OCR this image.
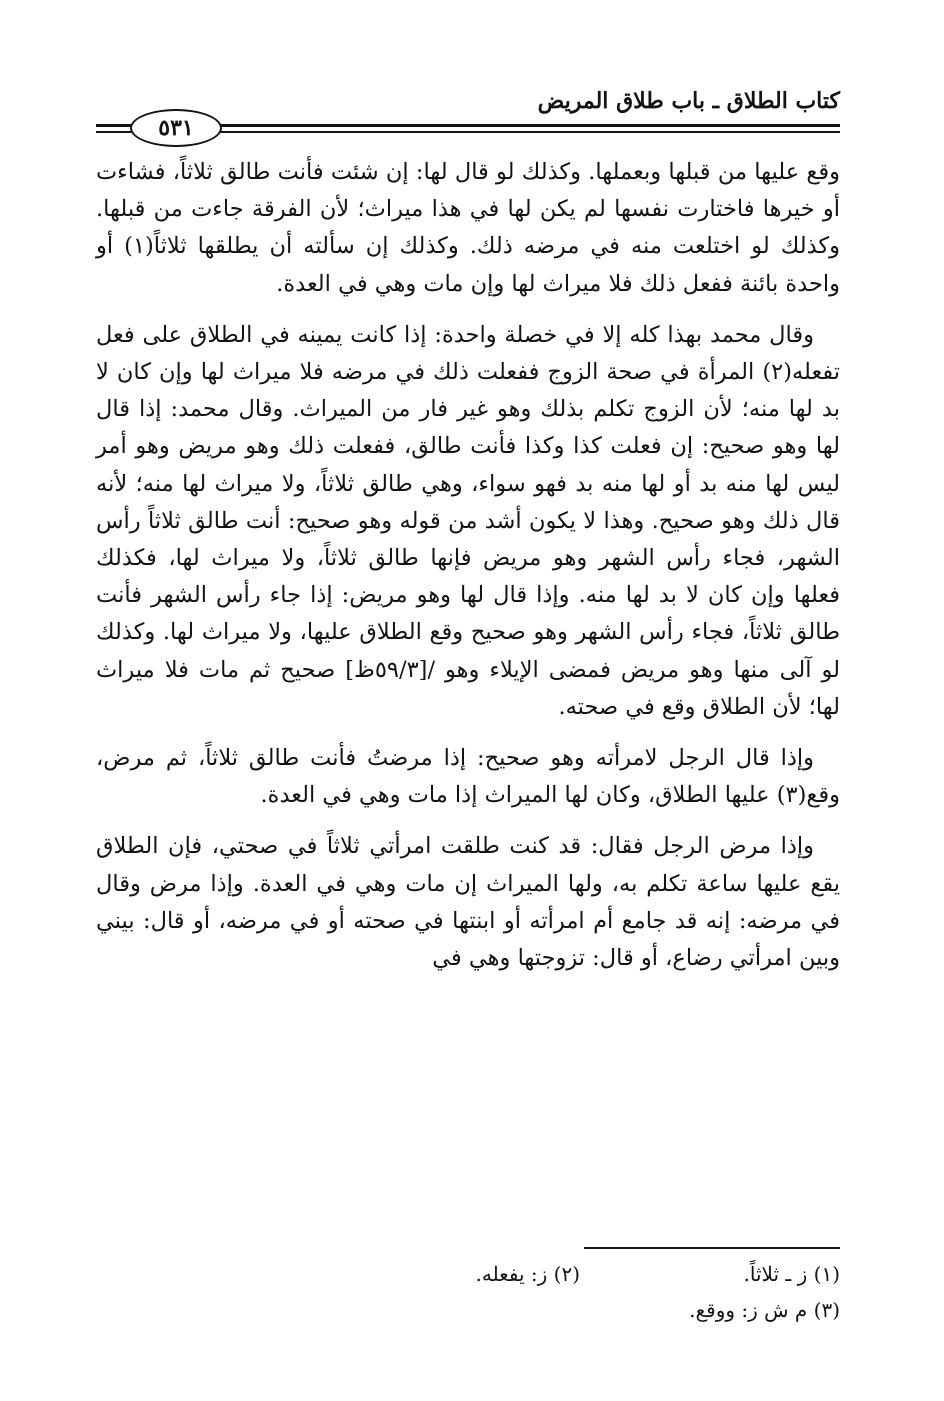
كتاب الطلاق ـ باب طلاق المريض
٥٣١

وقع عليها من قبلها وبعملها. وكذلك لو قال لها: إن شئت فأنت طالق ثلاثاً، فشاءت أو خيرها فاختارت نفسها لم يكن لها في هذا ميراث؛ لأن الفرقة جاءت من قبلها. وكذلك لو اختلعت منه في مرضه ذلك. وكذلك إن سألته أن يطلقها ثلاثاً(١) أو واحدة بائنة ففعل ذلك فلا ميراث لها وإن مات وهي في العدة.

وقال محمد بهذا كله إلا في خصلة واحدة: إذا كانت يمينه في الطلاق على فعل تفعله(٢) المرأة في صحة الزوج ففعلت ذلك في مرضه فلا ميراث لها وإن كان لا بد لها منه؛ لأن الزوج تكلم بذلك وهو غير فار من الميراث. وقال محمد: إذا قال لها وهو صحيح: إن فعلت كذا وكذا فأنت طالق، ففعلت ذلك وهو مريض وهو أمر ليس لها منه بد أو لها منه بد فهو سواء، وهي طالق ثلاثاً، ولا ميراث لها منه؛ لأنه قال ذلك وهو صحيح. وهذا لا يكون أشد من قوله وهو صحيح: أنت طالق ثلاثاً رأس الشهر، فجاء رأس الشهر وهو مريض فإنها طالق ثلاثاً، ولا ميراث لها، فكذلك فعلها وإن كان لا بد لها منه. وإذا قال لها وهو مريض: إذا جاء رأس الشهر فأنت طالق ثلاثاً، فجاء رأس الشهر وهو صحيح وقع الطلاق عليها، ولا ميراث لها. وكذلك لو آلى منها وهو مريض فمضى الإيلاء وهو /[٥٩/٣ظ] صحيح ثم مات فلا ميراث لها؛ لأن الطلاق وقع في صحته.

وإذا قال الرجل لامرأته وهو صحيح: إذا مرضتُ فأنت طالق ثلاثاً، ثم مرض، وقع(٣) عليها الطلاق، وكان لها الميراث إذا مات وهي في العدة.

وإذا مرض الرجل فقال: قد كنت طلقت امرأتي ثلاثاً في صحتي، فإن الطلاق يقع عليها ساعة تكلم به، ولها الميراث إن مات وهي في العدة. وإذا مرض وقال في مرضه: إنه قد جامع أم امرأته أو ابنتها في صحته أو في مرضه، أو قال: بيني وبين امرأتي رضاع، أو قال: تزوجتها وهي في

(١) ز ـ ثلاثاً.
(٢) ز: يفعله.
(٣) م ش ز: ووقع.
